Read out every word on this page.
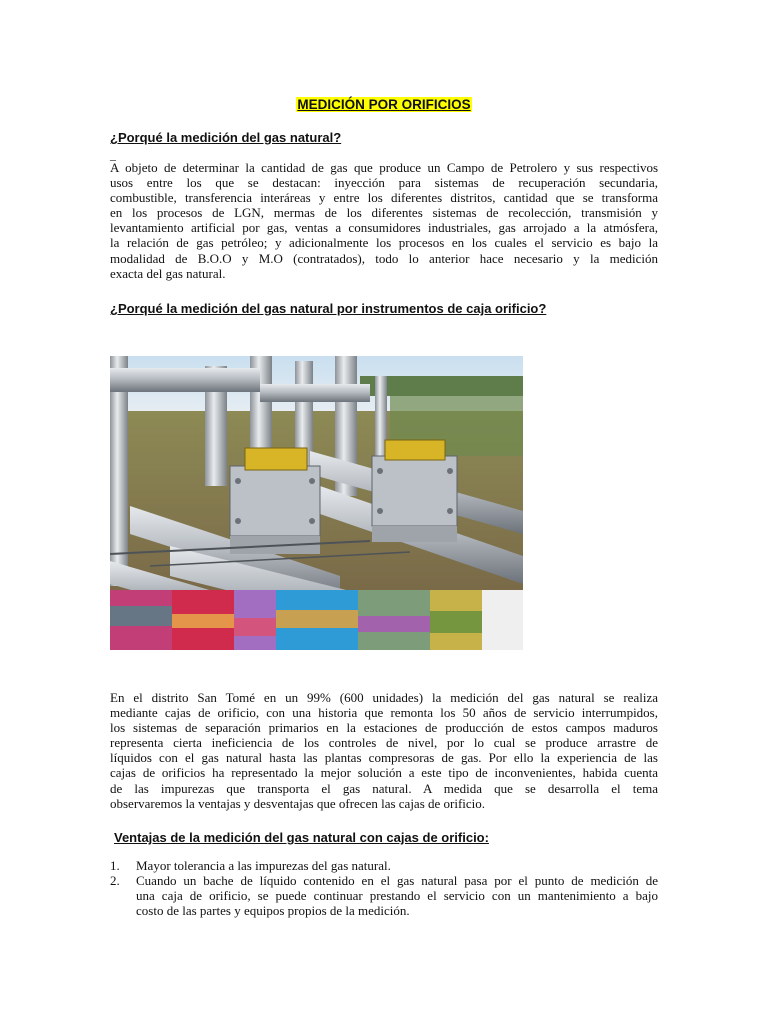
MEDICIÓN POR ORIFICIOS
¿Porqué la medición del gas natural?
_
A objeto de determinar la cantidad de gas que produce un Campo de Petrolero y sus respectivos
usos entre los que se destacan: inyección para sistemas de recuperación secundaria,
combustible, transferencia interáreas y entre los diferentes distritos, cantidad que se transforma
en los procesos de LGN, mermas de los diferentes sistemas de recolección, transmisión y
levantamiento artificial por gas, ventas a consumidores industriales, gas arrojado a la atmósfera,
la relación de gas petróleo; y adicionalmente los procesos en los cuales el servicio es bajo la
modalidad de B.O.O y M.O (contratados), todo lo anterior hace necesario y la medición
exacta del gas natural.
¿Porqué la medición del gas natural por instrumentos de caja orificio?
En el distrito San Tomé en un 99% (600 unidades) la medición del gas natural se realiza
mediante cajas de orificio, con una historia que remonta los 50 años de servicio interrumpidos,
los sistemas de separación primarios en la estaciones de producción de estos campos maduros
representa cierta ineficiencia de los controles de nivel, por lo cual se produce arrastre de
líquidos con el gas natural hasta las plantas compresoras de gas. Por ello la experiencia de las
cajas de orificios ha representado la mejor solución a este tipo de inconvenientes, habida cuenta
de las impurezas que transporta el gas natural. A medida que se desarrolla el tema
observaremos la ventajas y desventajas que ofrecen las cajas de orificio.
Ventajas de la medición del gas natural con cajas de orificio:
1.	Mayor tolerancia a las impurezas del gas natural.
2.	Cuando un bache de líquido contenido en el gas natural pasa por el punto de medición de
una caja de orificio, se puede continuar prestando el servicio con un mantenimiento a bajo
costo de las partes y equipos propios de la medición.
